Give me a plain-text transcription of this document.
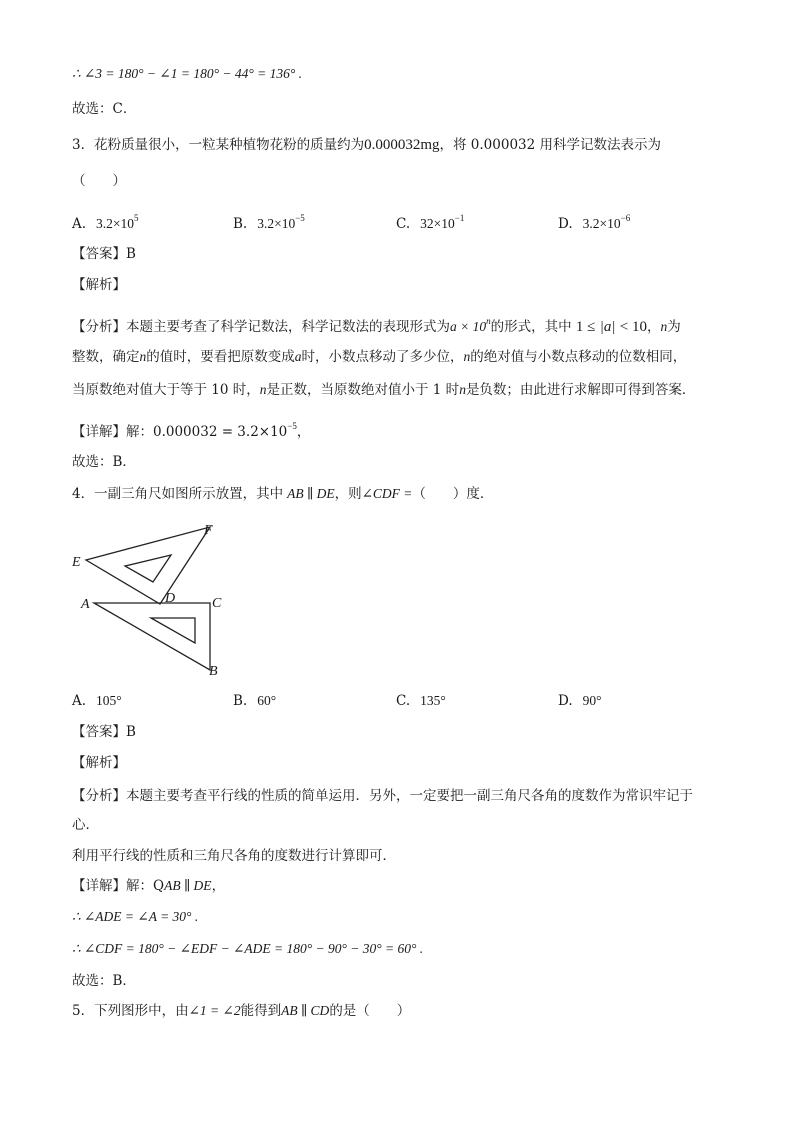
∴ ∠3 = 180° − ∠1 = 180° − 44° = 136° .
故选：C．
3．花粉质量很小，一粒某种植物花粉的质量约为0.000032mg，将 0.000032 用科学记数法表示为
（　　）
A. $3.2\times 10^5$	B. $3.2\times 10^{-5}$	C. $32\times 10^{-1}$	D. $3.2\times 10^{-6}$
【答案】B
【解析】
【分析】本题主要考查了科学记数法，科学记数法的表现形式为$a \times 10^n$的形式，其中 1 ≤ |a| < 10，n为
整数，确定n的值时，要看把原数变成a时，小数点移动了多少位，n的绝对值与小数点移动的位数相同，
当原数绝对值大于等于 10 时，n是正数，当原数绝对值小于 1 时n是负数；由此进行求解即可得到答案．
【详解】解：$0.000032 = 3.2\times 10^{-5}$，
故选：B．
4．一副三角尺如图所示放置，其中 AB ∥ DE，则∠CDF =（　　）度．
E
F
A	D	C
B
A. 105°	B. 60°	C. 135°	D. 90°
【答案】B
【解析】
【分析】本题主要考查平行线的性质的简单运用．另外，一定要把一副三角尺各角的度数作为常识牢记于
心．
利用平行线的性质和三角尺各角的度数进行计算即可．
【详解】解：QAB ∥ DE，
∴ ∠ADE = ∠A = 30° .
∴ ∠CDF = 180° − ∠EDF − ∠ADE = 180° − 90° − 30° = 60° .
故选：B．
5．下列图形中，由∠1 = ∠2能得到AB ∥ CD的是（　　）
